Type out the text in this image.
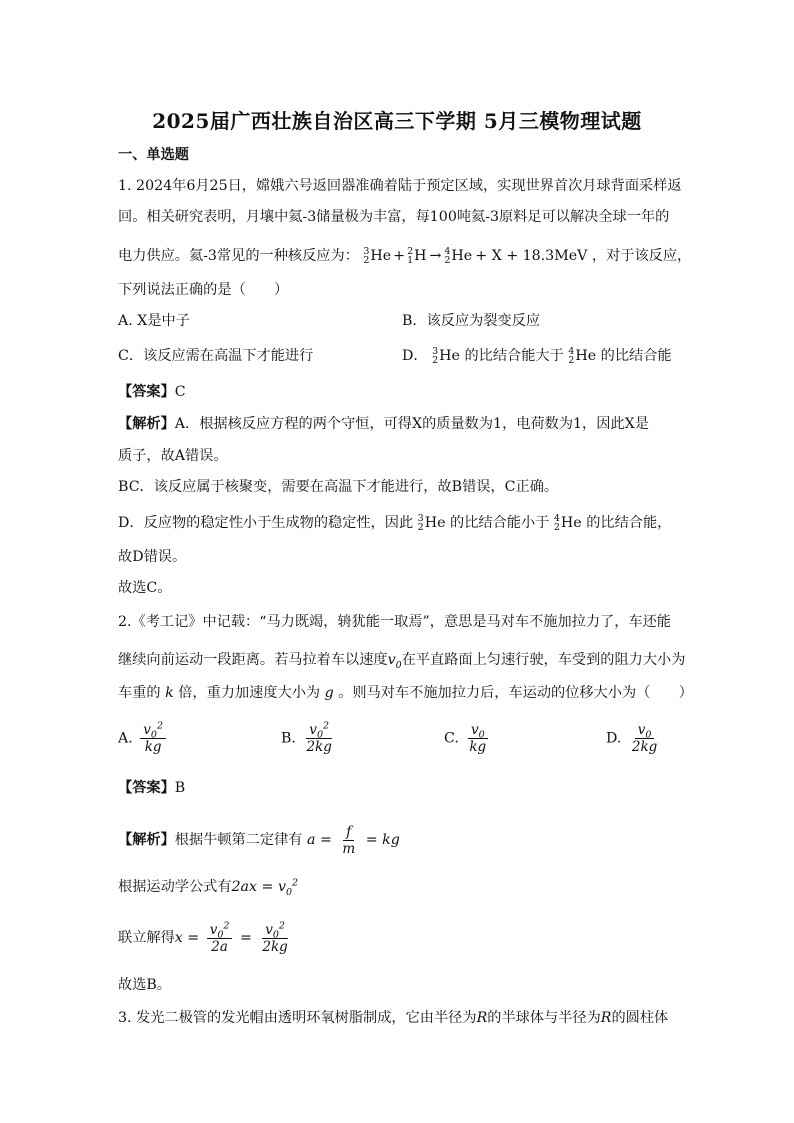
2025届广西壮族自治区高三下学期 5月三模物理试题
一、单选题
1. 2024年6月25日，嫦娥六号返回器准确着陆于预定区域，实现世界首次月球背面采样返
回。相关研究表明，月壤中氦-3储量极为丰富，每100吨氦-3原料足可以解决全球一年的
电力供应。氦-3常见的一种核反应为： 3
2 He + 2
1 H → 4
2 He + X + 18.3MeV ，对于该反应，
下列说法正确的是（　　）
A. X是中子	B．该反应为裂变反应
C．该反应需在高温下才能进行	D． 3
2 He 的比结合能大于 4
2 He 的比结合能
【答案】C
【解析】A．根据核反应方程的两个守恒，可得X的质量数为1，电荷数为1，因此X是
质子，故A错误。
BC．该反应属于核聚变，需要在高温下才能进行，故B错误，C正确。
D．反应物的稳定性小于生成物的稳定性，因此 3
2 He 的比结合能小于 4
2 He 的比结合能，
故D错误。
故选C。
2.《考工记》中记载：“马力既竭，辀犹能一取焉”，意思是马对车不施加拉力了，车还能
继续向前运动一段距离。若马拉着车以速度$v_0$在平直路面上匀速行驶，车受到的阻力大小为
车重的 k 倍，重力加速度大小为 g 。则马对车不施加拉力后，车运动的位移大小为（　　）
A. $\frac{v_0^2}{kg}$	B. $\frac{v_0^2}{2kg}$	C. $\frac{v_0}{kg}$	D. $\frac{v_0}{2kg}$
【答案】B
【解析】根据牛顿第二定律有 $a = \frac{f}{m}$ = kg
根据运动学公式有$2ax = v_0^2$
联立解得$x = \frac{v_0^2}{2a} = \frac{v_0^2}{2kg}$
故选B。
3. 发光二极管的发光帽由透明环氧树脂制成，它由半径为R的半球体与半径为R的圆柱体
